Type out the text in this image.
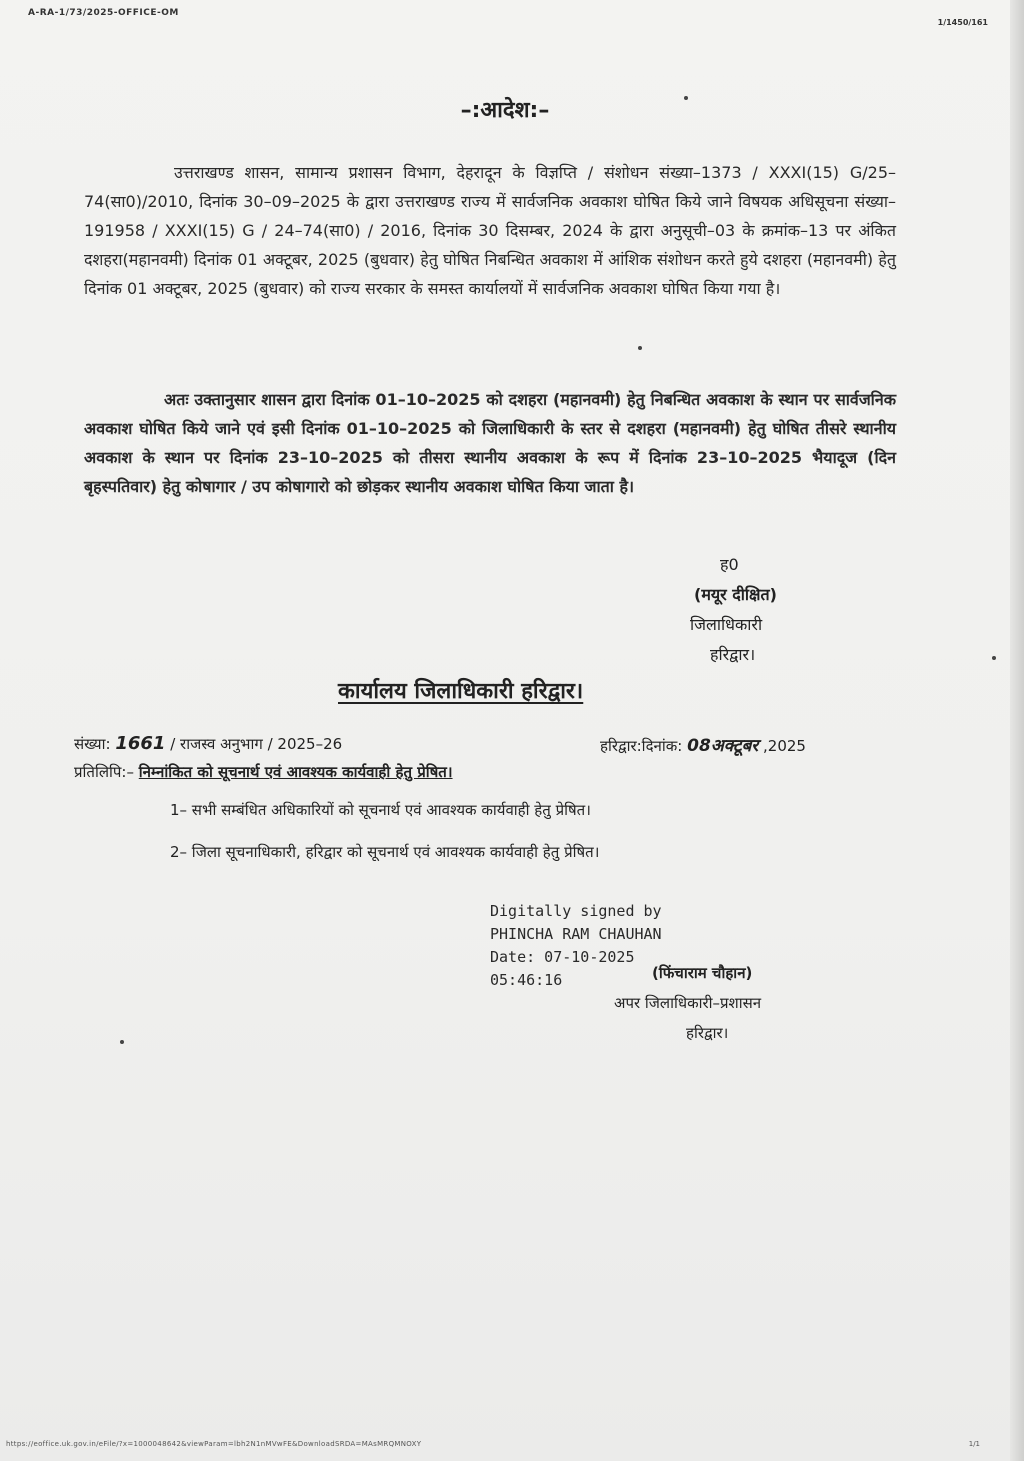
A-RA-1/73/2025-OFFICE-OM
1/1450/161
–:आदेश:–
उत्तराखण्ड शासन, सामान्य प्रशासन विभाग, देहरादून के विज्ञप्ति / संशोधन संख्या–1373 / XXXI(15) G/25–74(सा0)/2010, दिनांक 30–09–2025 के द्वारा उत्तराखण्ड राज्य में सार्वजनिक अवकाश घोषित किये जाने विषयक अधिसूचना संख्या–191958 / XXXI(15) G / 24–74(सा0) / 2016, दिनांक 30 दिसम्बर, 2024 के द्वारा अनुसूची–03 के क्रमांक–13 पर अंकित दशहरा(महानवमी) दिनांक 01 अक्टूबर, 2025 (बुधवार) हेतु घोषित निबन्धित अवकाश में आंशिक संशोधन करते हुये दशहरा (महानवमी) हेतु दिनांक 01 अक्टूबर, 2025 (बुधवार) को राज्य सरकार के समस्त कार्यालयों में सार्वजनिक अवकाश घोषित किया गया है।
अतः उक्तानुसार शासन द्वारा दिनांक 01–10–2025 को दशहरा (महानवमी) हेतु निबन्धित अवकाश के स्थान पर सार्वजनिक अवकाश घोषित किये जाने एवं इसी दिनांक 01–10–2025 को जिलाधिकारी के स्तर से दशहरा (महानवमी) हेतु घोषित तीसरे स्थानीय अवकाश के स्थान पर दिनांक 23–10–2025 को तीसरा स्थानीय अवकाश के रूप में दिनांक 23–10–2025 भैयादूज (दिन बृहस्पतिवार) हेतु कोषागार / उप कोषागारो को छोड़कर स्थानीय अवकाश घोषित किया जाता है।
ह0
(मयूर दीक्षित)
जिलाधिकारी
हरिद्वार।
कार्यालय जिलाधिकारी हरिद्वार।
संख्या: 1661 / राजस्व अनुभाग / 2025–26	हरिद्वार:दिनांक: 08अक्टूबर ,2025
प्रतिलिपि:– निम्नांकित को सूचनार्थ एवं आवश्यक कार्यवाही हेतु प्रेषित।
1– सभी सम्बंधित अधिकारियों को सूचनार्थ एवं आवश्यक कार्यवाही हेतु प्रेषित।
2– जिला सूचनाधिकारी, हरिद्वार को सूचनार्थ एवं आवश्यक कार्यवाही हेतु प्रेषित।
Digitally signed by
PHINCHA RAM CHAUHAN
Date: 07-10-2025
05:46:16	(फिंचाराम चौहान)
अपर जिलाधिकारी–प्रशासन
हरिद्वार।
https://eoffice.uk.gov.in/eFile/?x=1000048642&viewParam=lbh2N1nMVwFE&DownloadSRDA=MAsMRQMNOXY	1/1
